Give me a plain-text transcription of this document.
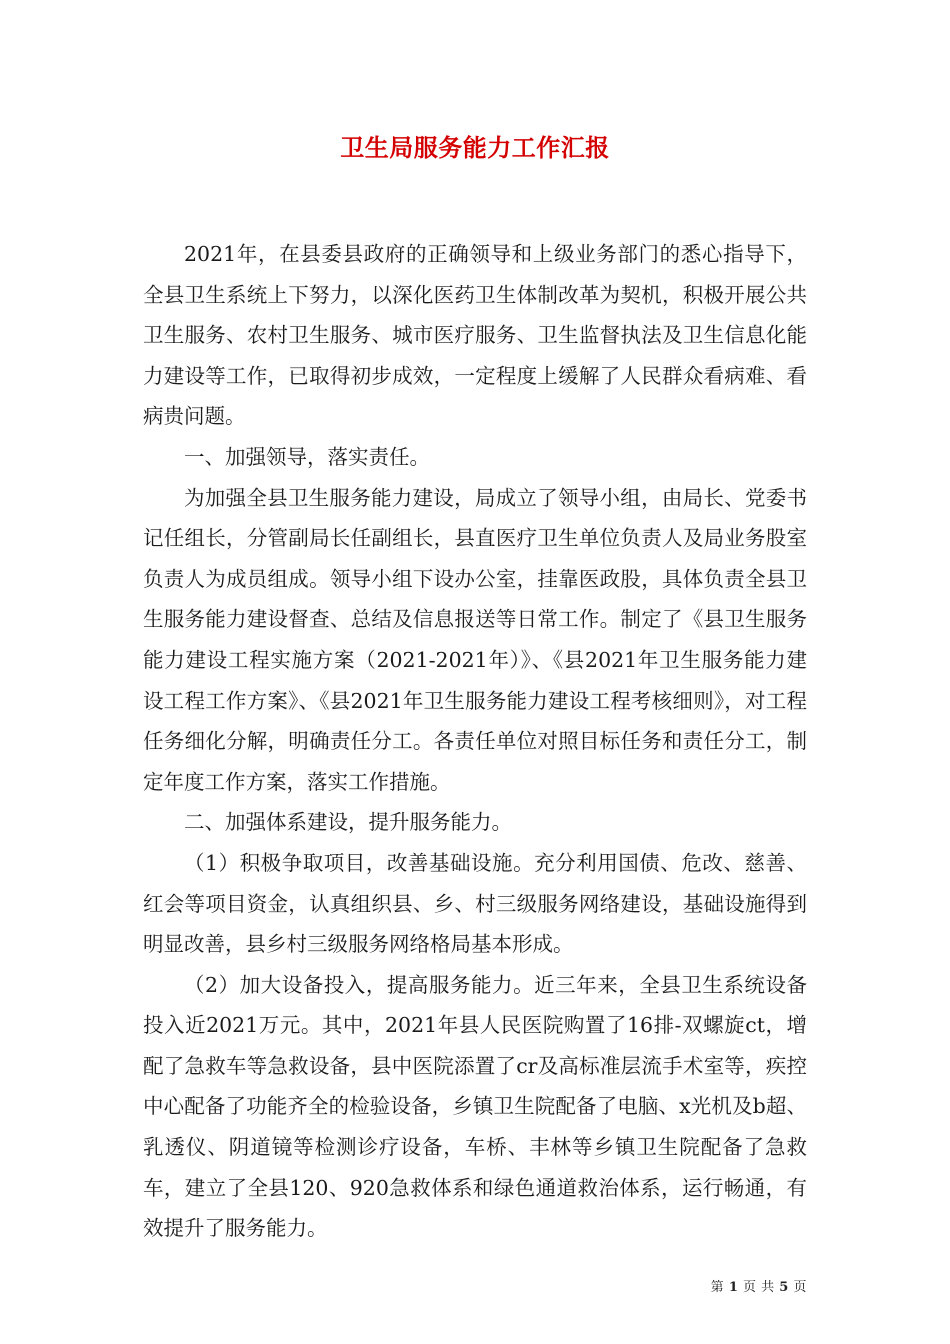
卫生局服务能力工作汇报

2021年，在县委县政府的正确领导和上级业务部门的悉心指导下，全县卫生系统上下努力，以深化医药卫生体制改革为契机，积极开展公共卫生服务、农村卫生服务、城市医疗服务、卫生监督执法及卫生信息化能力建设等工作，已取得初步成效，一定程度上缓解了人民群众看病难、看病贵问题。

一、加强领导，落实责任。

为加强全县卫生服务能力建设，局成立了领导小组，由局长、党委书记任组长，分管副局长任副组长，县直医疗卫生单位负责人及局业务股室负责人为成员组成。领导小组下设办公室，挂靠医政股，具体负责全县卫生服务能力建设督查、总结及信息报送等日常工作。制定了《县卫生服务能力建设工程实施方案（2021-2021年）》、《县2021年卫生服务能力建设工程工作方案》、《县2021年卫生服务能力建设工程考核细则》，对工程任务细化分解，明确责任分工。各责任单位对照目标任务和责任分工，制定年度工作方案，落实工作措施。

二、加强体系建设，提升服务能力。

（1）积极争取项目，改善基础设施。充分利用国债、危改、慈善、红会等项目资金，认真组织县、乡、村三级服务网络建设，基础设施得到明显改善，县乡村三级服务网络格局基本形成。

（2）加大设备投入，提高服务能力。近三年来，全县卫生系统设备投入近2021万元。其中，2021年县人民医院购置了16排-双螺旋ct，增配了急救车等急救设备，县中医院添置了cr及高标准层流手术室等，疾控中心配备了功能齐全的检验设备，乡镇卫生院配备了电脑、x光机及b超、乳透仪、阴道镜等检测诊疗设备，车桥、丰林等乡镇卫生院配备了急救车，建立了全县120、920急救体系和绿色通道救治体系，运行畅通，有效提升了服务能力。

第 1 页 共 5 页
